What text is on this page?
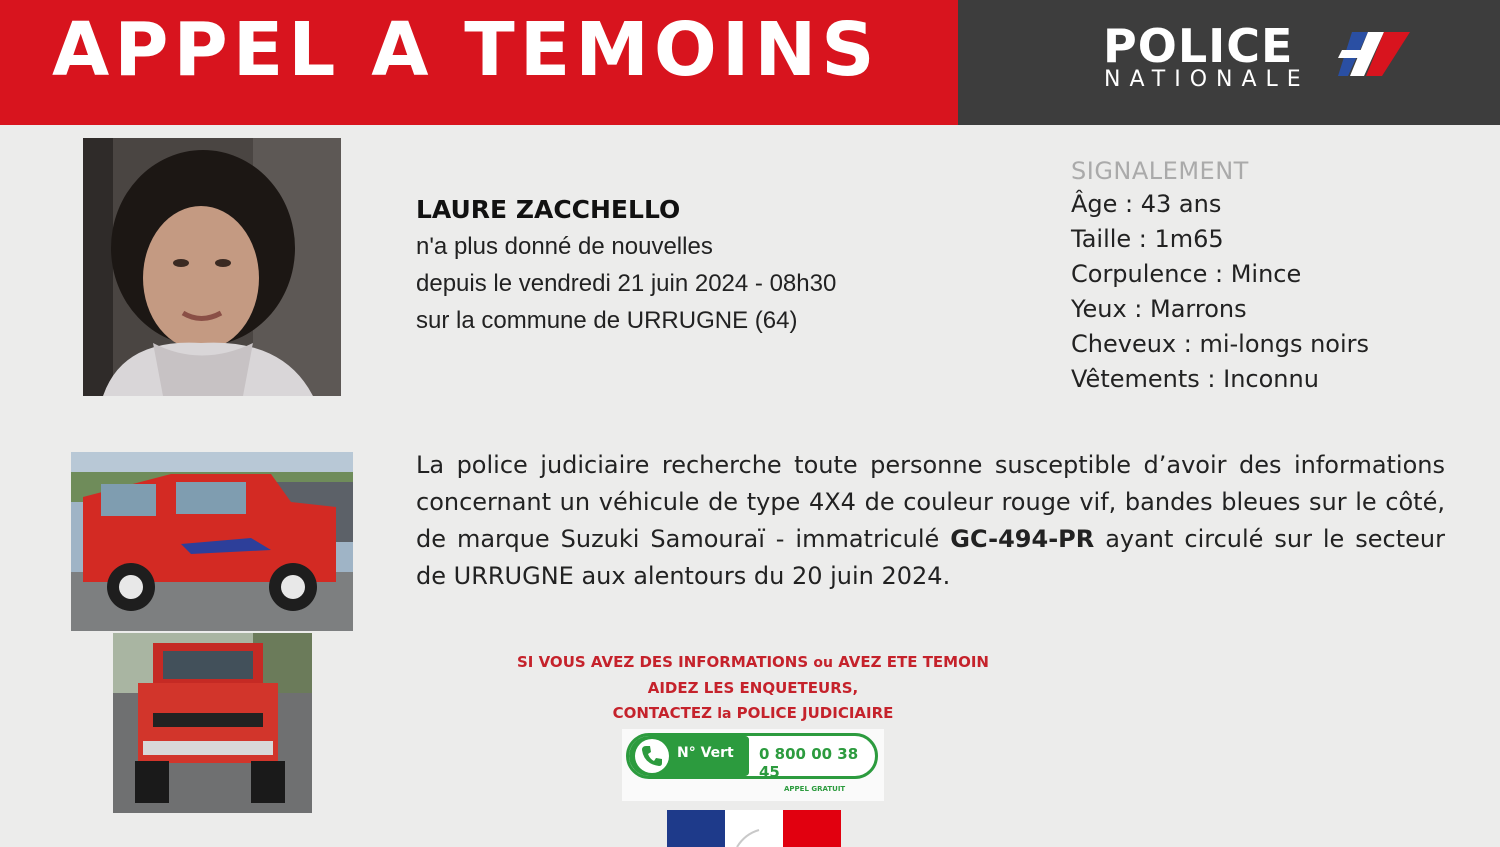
APPEL A TEMOINS	POLICE
NATIONALE
LAURE ZACCHELLO
n'a plus donné de nouvelles
depuis le vendredi 21 juin 2024 - 08h30
sur la commune de URRUGNE (64)
SIGNALEMENT
Âge : 43 ans
Taille : 1m65
Corpulence : Mince
Yeux : Marrons
Cheveux : mi-longs noirs
Vêtements : Inconnu
La police judiciaire recherche toute personne susceptible d’avoir des informations concernant un véhicule de type 4X4 de couleur rouge vif, bandes bleues sur le côté, de marque Suzuki Samouraï - immatriculé GC-494-PR ayant circulé sur le secteur de URRUGNE aux alentours du 20 juin 2024.
SI VOUS AVEZ DES INFORMATIONS ou AVEZ ETE TEMOIN
AIDEZ LES ENQUETEURS,
CONTACTEZ la POLICE JUDICIAIRE
N° Vert 0 800 00 38 45
APPEL GRATUIT
